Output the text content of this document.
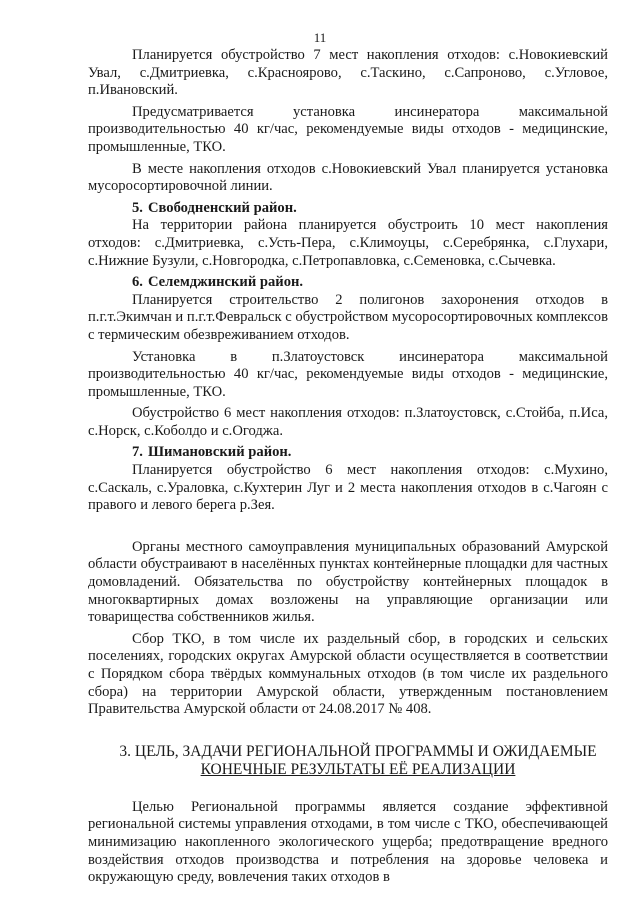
11

Планируется обустройство 7 мест накопления отходов: с.Новокиевский Увал, с.Дмитриевка, с.Красноярово, с.Таскино, с.Сапроново, с.Угловое, п.Ивановский.

Предусматривается установка инсинератора максимальной производительностью 40 кг/час, рекомендуемые виды отходов - медицинские, промышленные, ТКО.

В месте накопления отходов с.Новокиевский Увал планируется установка мусоросортировочной линии.

5. Свободненский район.

На территории района планируется обустроить 10 мест накопления отходов: с.Дмитриевка, с.Усть-Пера, с.Климоуцы, с.Серебрянка, с.Глухари, с.Нижние Бузули, с.Новгородка, с.Петропавловка, с.Семеновка, с.Сычевка.

6. Селемджинский район.

Планируется строительство 2 полигонов захоронения отходов в п.г.т.Экимчан и п.г.т.Февральск с обустройством мусоросортировочных комплексов с термическим обезвреживанием отходов.

Установка в п.Златоустовск инсинератора максимальной производительностью 40 кг/час, рекомендуемые виды отходов - медицинские, промышленные, ТКО.

Обустройство 6 мест накопления отходов: п.Златоустовск, с.Стойба, п.Иса, с.Норск, с.Коболдо и с.Огоджа.

7. Шимановский район.

Планируется обустройство 6 мест накопления отходов: с.Мухино, с.Саскаль, с.Ураловка, с.Кухтерин Луг и 2 места накопления отходов в с.Чагоян с правого и левого берега р.Зея.

Органы местного самоуправления муниципальных образований Амурской области обустраивают в населённых пунктах контейнерные площадки для частных домовладений. Обязательства по обустройству контейнерных площадок в многоквартирных домах возложены на управляющие организации или товарищества собственников жилья.

Сбор ТКО, в том числе их раздельный сбор, в городских и сельских поселениях, городских округах Амурской области осуществляется в соответствии с Порядком сбора твёрдых коммунальных отходов (в том числе их раздельного сбора) на территории Амурской области, утвержденным постановлением Правительства Амурской области от 24.08.2017 № 408.

3. ЦЕЛЬ, ЗАДАЧИ РЕГИОНАЛЬНОЙ ПРОГРАММЫ И ОЖИДАЕМЫЕ
КОНЕЧНЫЕ РЕЗУЛЬТАТЫ ЕЁ РЕАЛИЗАЦИИ

Целью Региональной программы является создание эффективной региональной системы управления отходами, в том числе с ТКО, обеспечивающей минимизацию накопленного экологического ущерба; предотвращение вредного воздействия отходов производства и потребления на здоровье человека и окружающую среду, вовлечения таких отходов в
